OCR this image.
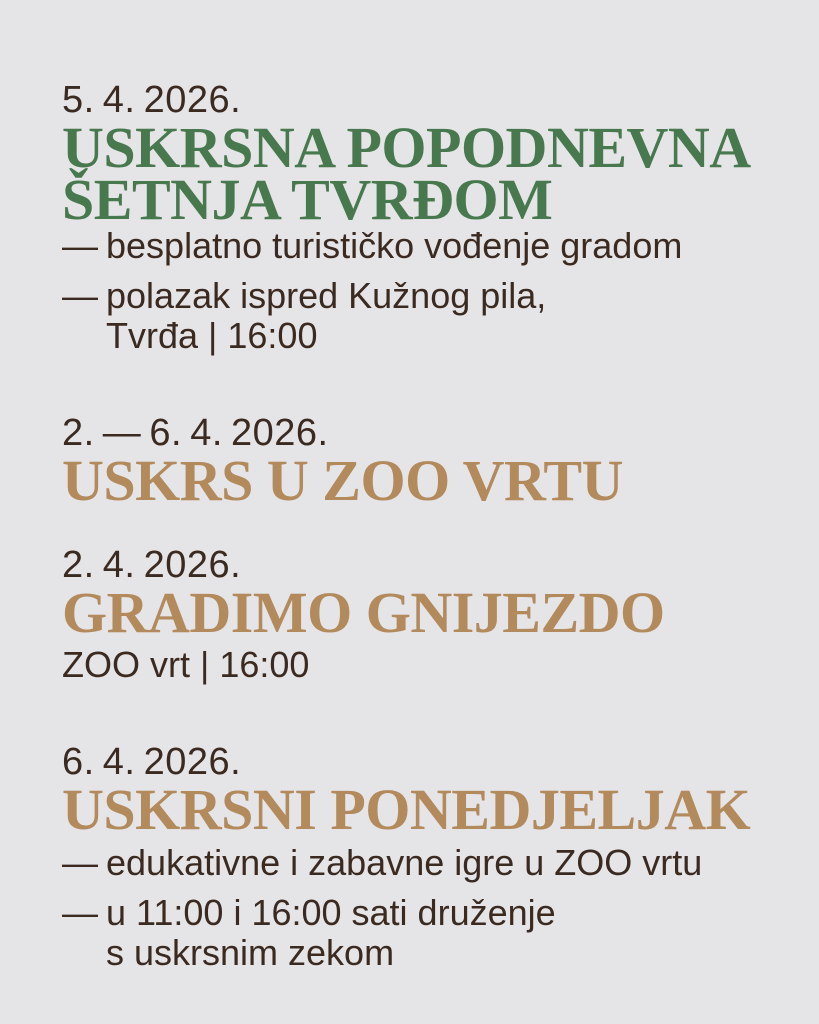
5. 4. 2026.
USKRSNA POPODNEVNA
ŠETNJA TVRĐOM
— besplatno turističko vođenje gradom
— polazak ispred Kužnog pila,
Tvrđa | 16:00
2. — 6. 4. 2026.
USKRS U ZOO VRTU
2. 4. 2026.
GRADIMO GNIJEZDO
ZOO vrt | 16:00
6. 4. 2026.
USKRSNI PONEDJELJAK
— edukativne i zabavne igre u ZOO vrtu
— u 11:00 i 16:00 sati druženje
s uskrsnim zekom
